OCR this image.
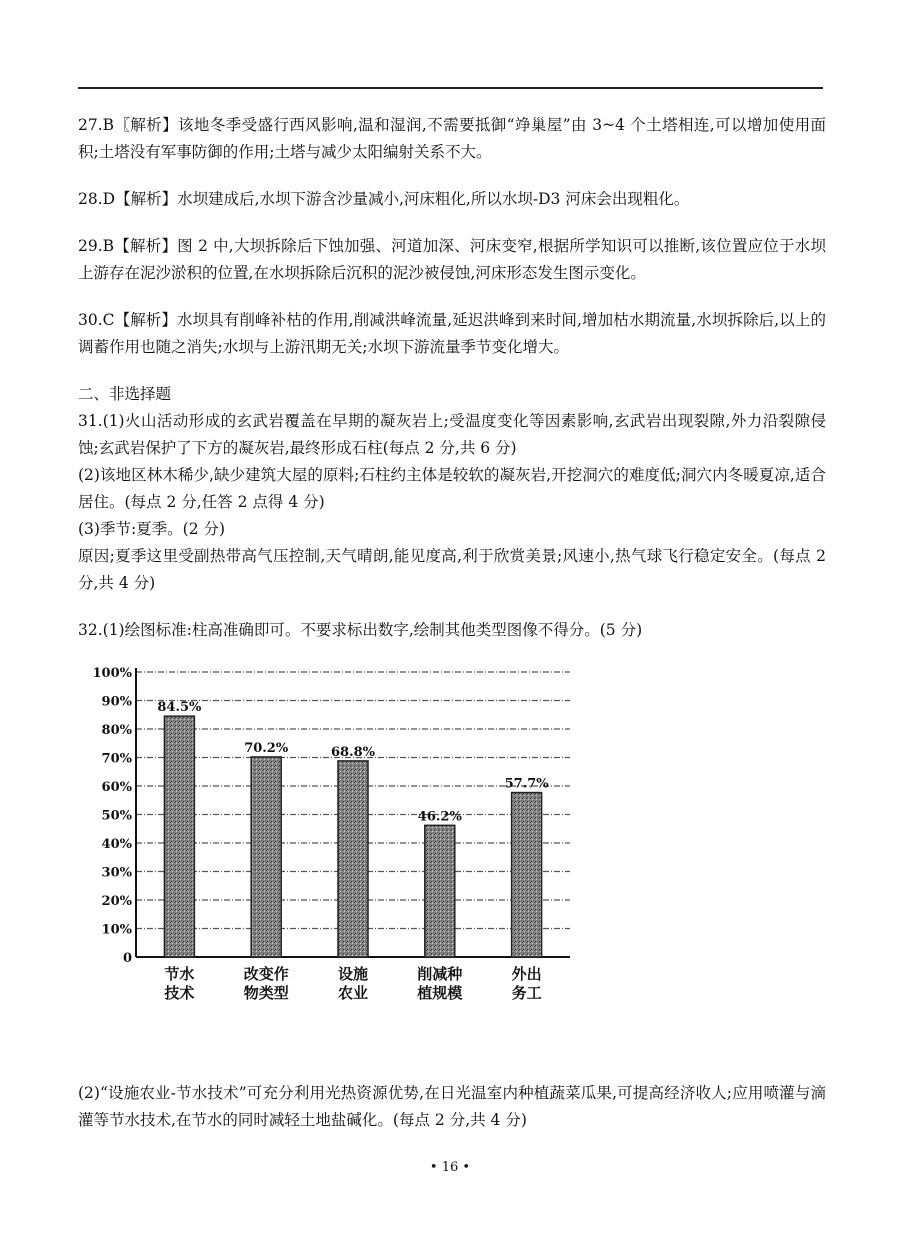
27.B〖解析】该地冬季受盛行西风影响,温和湿润,不需要抵御“竫巢屋”由 3~4 个土塔相连,可以增加使用面积;土塔没有军事防御的作用;土塔与减少太阳编射关系不大。

28.D【解析】水坝建成后,水坝下游含沙量减小,河床粗化,所以水坝-D3 河床会出现粗化。

29.B【解析】图 2 中,大坝拆除后下蚀加强、河道加深、河床变窄,根据所学知识可以推断,该位置应位于水坝上游存在泥沙淤积的位置,在水坝拆除后沉积的泥沙被侵蚀,河床形态发生图示变化。

30.C【解析】水坝具有削峰补枯的作用,削减洪峰流量,延迟洪峰到来时间,增加枯水期流量,水坝拆除后,以上的调蓄作用也随之消失;水坝与上游汛期无关;水坝下游流量季节变化增大。

二、非选择题

31.(1)火山活动形成的玄武岩覆盖在早期的凝灰岩上;受温度变化等因素影响,玄武岩出现裂隙,外力沿裂隙侵蚀;玄武岩保护了下方的凝灰岩,最终形成石柱(每点 2 分,共 6 分)

(2)该地区林木稀少,缺少建筑大屋的原料;石柱约主体是较软的凝灰岩,开挖洞穴的难度低;洞穴内冬暖夏凉,适合居住。(每点 2 分,任答 2 点得 4 分)

(3)季节:夏季。(2 分)

原因;夏季这里受副热带高气压控制,天气晴朗,能见度高,利于欣赏美景;风速小,热气球飞行稳定安全。(每点 2 分,共 4 分)

32.(1)绘图标准:柱高准确即可。不要求标出数字,绘制其他类型图像不得分。(5 分)

0
10%
20%
30%
40%
50%
60%
70%
80%
90%
100%
84.5%
节水
技术
70.2%
改变作
物类型
68.8%
设施
农业
46.2%
削减种
植规模
57.7%
外出
务工

(2)“设施农业-节水技术”可充分利用光热资源优势,在日光温室内种植蔬菜瓜果,可提高经济收人;应用喷灌与滴灌等节水技术,在节水的同时减轻土地盐碱化。(每点 2 分,共 4 分)

• 16 •
